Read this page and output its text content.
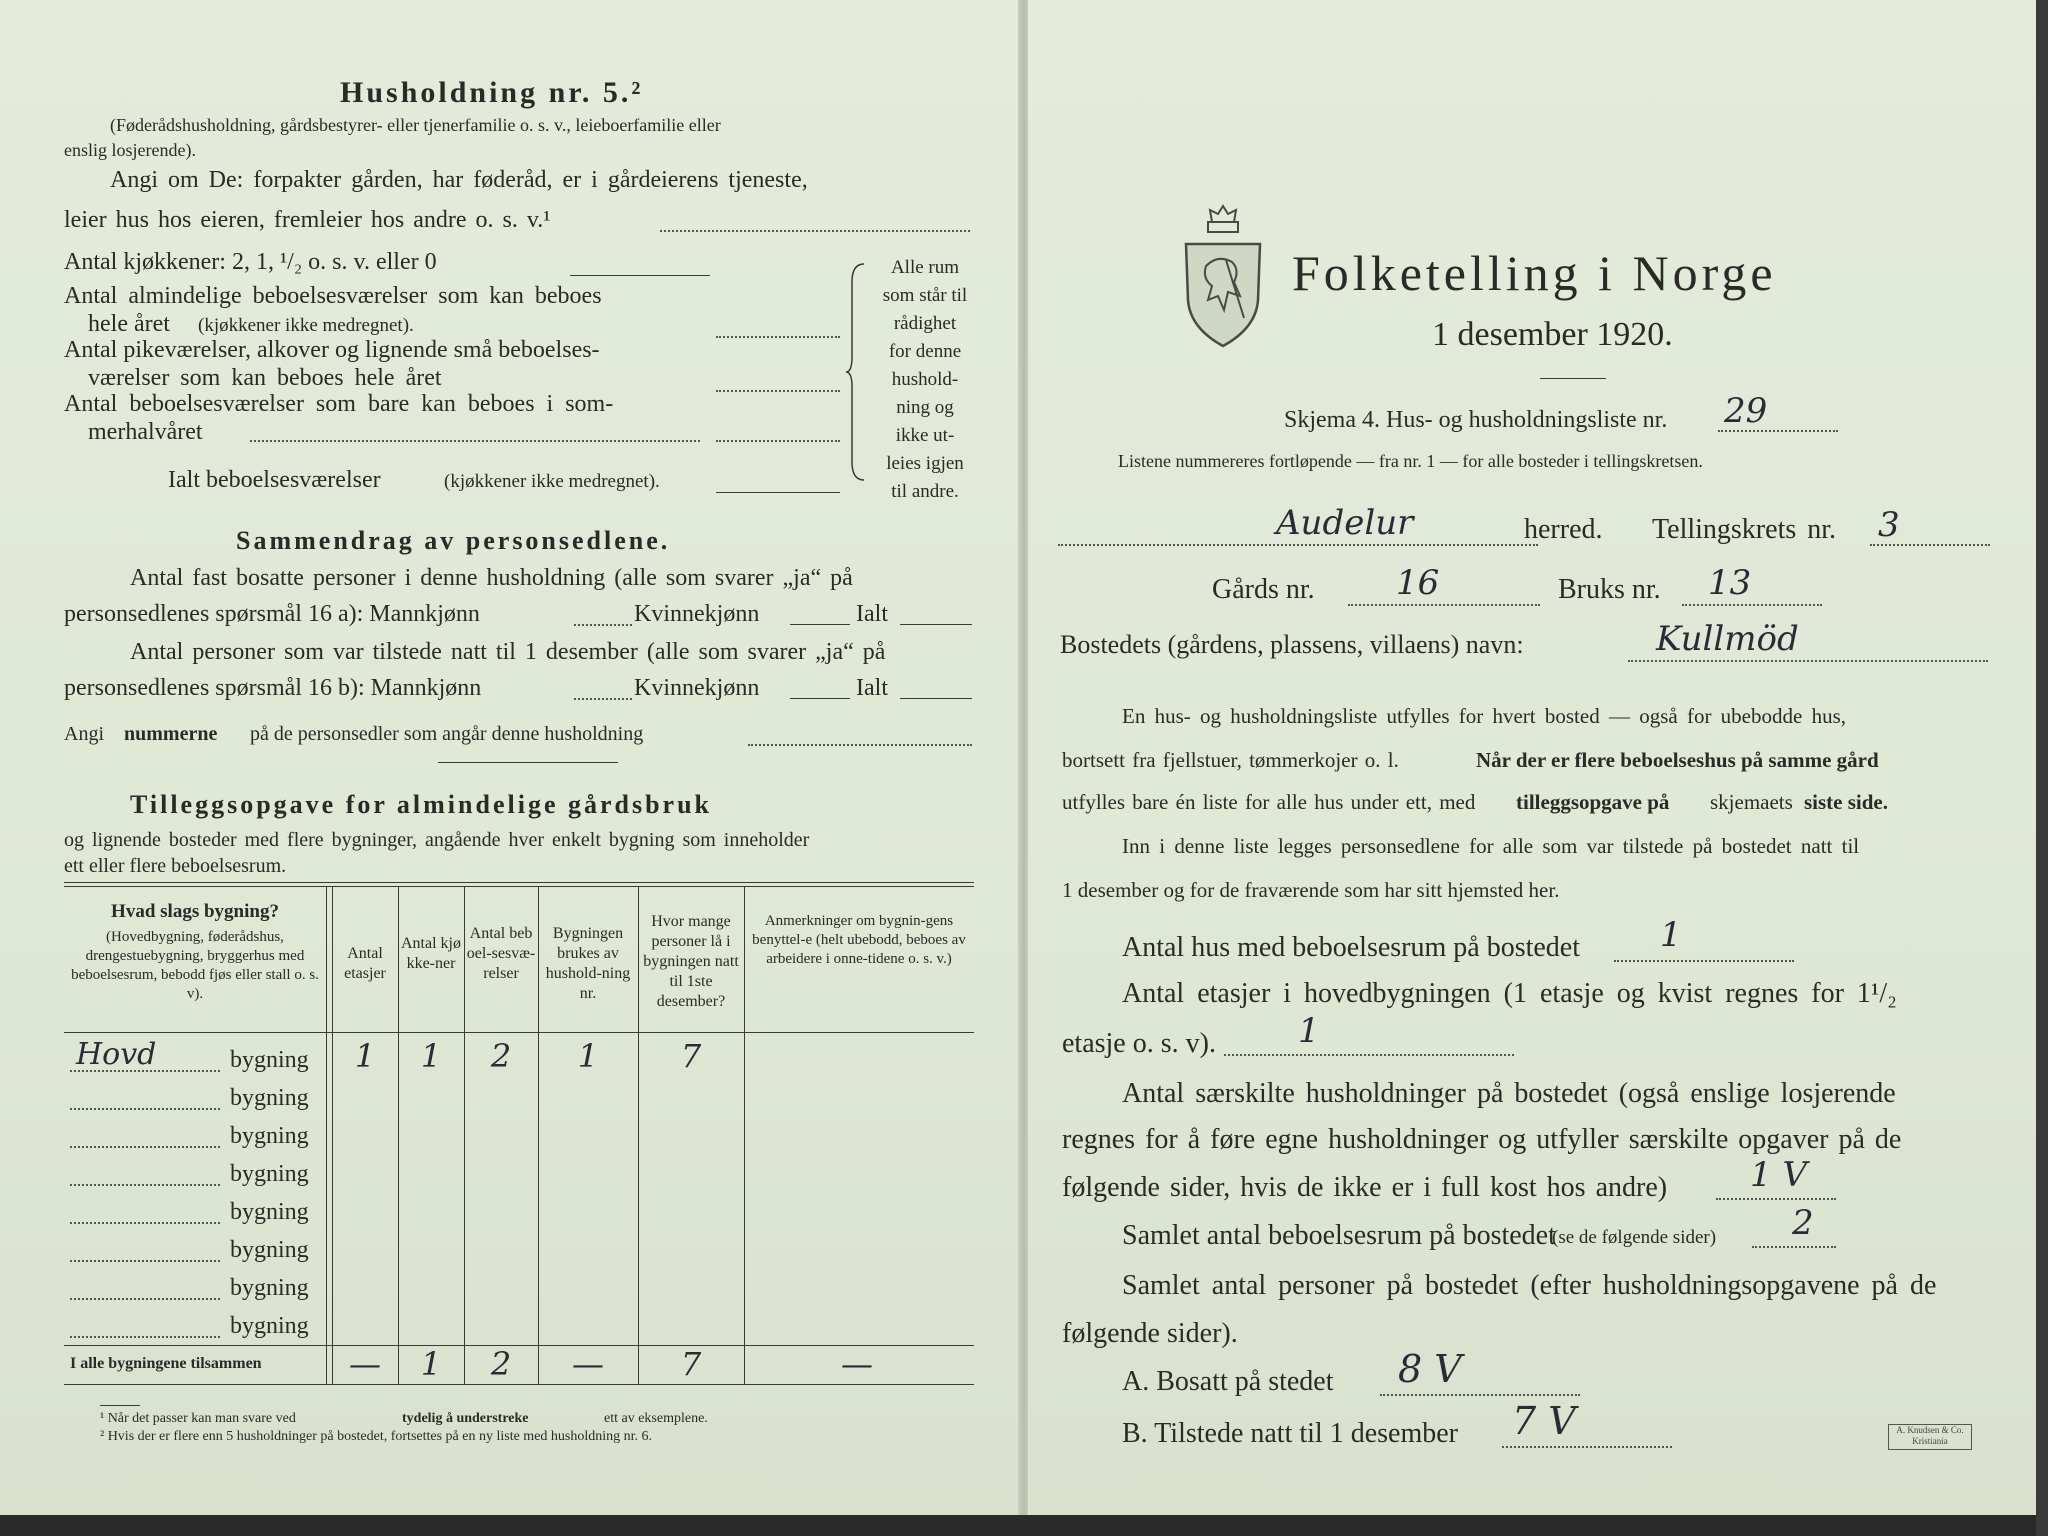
Husholdning nr. 5.²
(Føderådshusholdning, gårdsbestyrer- eller tjenerfamilie o. s. v., leieboerfamilie eller
enslig losjerende).
Angi om De: forpakter gården, har føderåd, er i gårdeierens tjeneste,
leier hus hos eieren, fremleier hos andre o. s. v.¹
Antal kjøkkener: 2, 1, ¹/₂ o. s. v. eller 0
Antal almindelige beboelsesværelser som kan beboes
hele året (kjøkkener ikke medregnet).
Antal pikeværelser, alkover og lignende små beboelses-
værelser som kan beboes hele året
Antal beboelsesværelser som bare kan beboes i som-
merhalvåret
Ialt beboelsesværelser	(kjøkkener ikke medregnet).
Alle rum
som står til
rådighet
for denne
hushold-
ning og
ikke ut-
leies igjen
til andre.
Sammendrag av personsedlene.
Antal fast bosatte personer i denne husholdning (alle som svarer „ja“ på
personsedlenes spørsmål 16 a): Mannkjønn	Kvinnekjønn	Ialt
Antal personer som var tilstede natt til 1 desember (alle som svarer „ja“ på
personsedlenes spørsmål 16 b): Mannkjønn	Kvinnekjønn	Ialt
Angi nummerne på de personsedler som angår denne husholdning
Tilleggsopgave for almindelige gårdsbruk
og lignende bosteder med flere bygninger, angående hver enkelt bygning som inneholder
ett eller flere beboelsesrum.
Hvad slags bygning?
(Hovedbygning, føderådshus, drengestuebygning, bryggerhus med beboelsesrum, bebodd fjøs eller stall o. s. v).
Antal etasjer
Antal kjøkke-ner
Antal beboel-sesvæ-relser
Bygningen brukes av hushold-ning nr.
Hvor mange personer lå i bygningen natt til 1ste desember?
Anmerkninger om bygnin-gens benyttel-e (helt ubebodd, beboes av arbeidere i onne-tidene o. s. v.)
bygning
Hovd	1	1	2	1	7
bygning
bygning
bygning
bygning
bygning
bygning
bygning
I alle bygningene tilsammen	—	1	2	—	7	—
¹ Når det passer kan man svare ved	tydelig å understreke	ett av eksemplene.
² Hvis der er flere enn 5 husholdninger på bostedet, fortsettes på en ny liste med husholdning nr. 6.
Folketelling i Norge
1 desember 1920.
Skjema 4. Hus- og husholdningsliste nr. 29
Listene nummereres fortløpende — fra nr. 1 — for alle bosteder i tellingskretsen.
Audelur	herred. Tellingskrets nr. 3
Gårds nr. 16	Bruks nr. 13
Bostedets (gårdens, plassens, villaens) navn:	Kullmöd
En hus- og husholdningsliste utfylles for hvert bosted — også for ubebodde hus,
bortsett fra fjellstuer, tømmerkojer o. l.	Når der er flere beboelseshus på samme gård
utfylles bare én liste for alle hus under ett, med tilleggsopgave på skjemaets siste side.
Inn i denne liste legges personsedlene for alle som var tilstede på bostedet natt til
1 desember og for de fraværende som har sitt hjemsted her.
Antal hus med beboelsesrum på bostedet 1
Antal etasjer i hovedbygningen (1 etasje og kvist regnes for 1¹/₂
etasje o. s. v). 1
Antal særskilte husholdninger på bostedet (også enslige losjerende
regnes for å føre egne husholdninger og utfyller særskilte opgaver på de
følgende sider, hvis de ikke er i full kost hos andre) 1 V
Samlet antal beboelsesrum på bostedet
(se de følgende sider) 2
Samlet antal personer på bostedet (efter husholdningsopgavene på de
følgende sider).
A. Bosatt på stedet 8 V
B. Tilstede natt til 1 desember 7 V	A. Knudsen & Co. Kristiania
